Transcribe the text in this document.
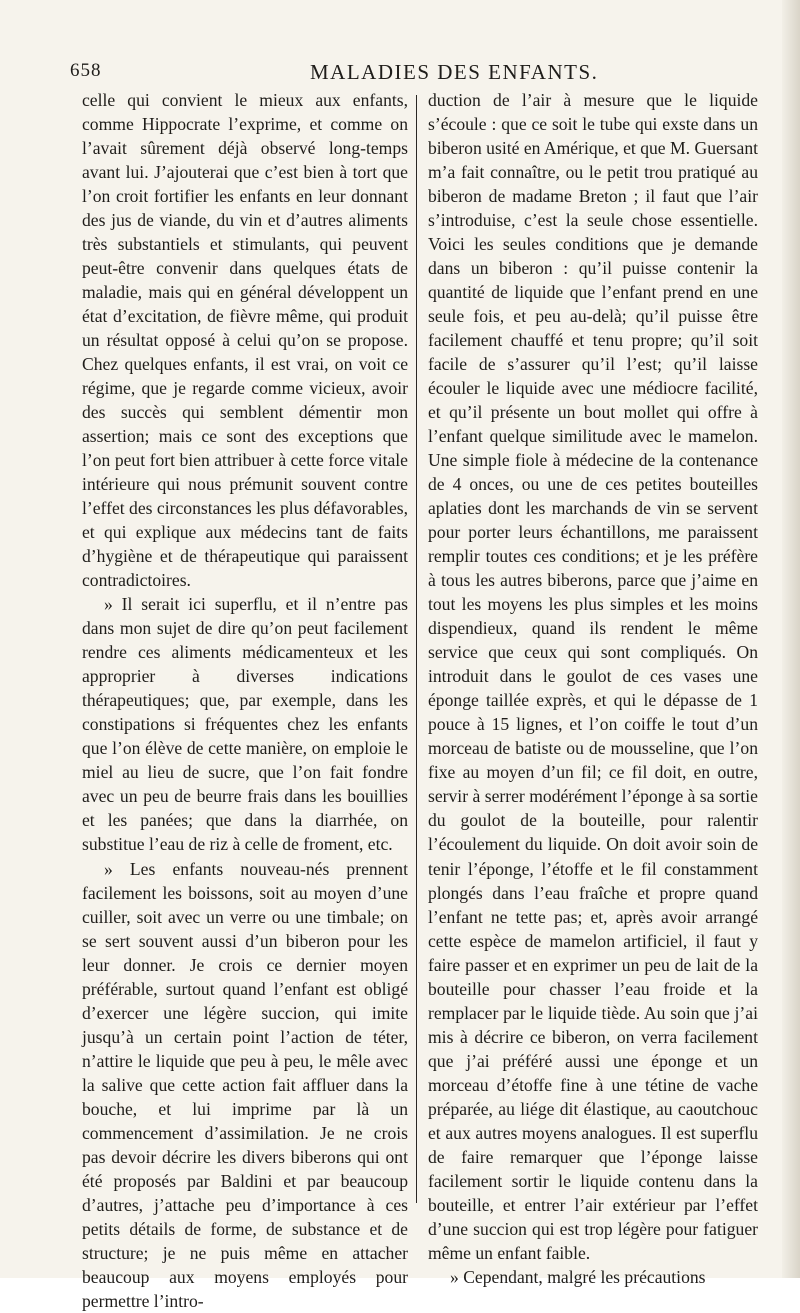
658	MALADIES DES ENFANTS.

celle qui convient le mieux aux enfants, comme Hippocrate l’exprime, et comme on l’avait sûrement déjà observé long-temps avant lui. J’ajouterai que c’est bien à tort que l’on croit fortifier les enfants en leur donnant des jus de viande, du vin et d’autres aliments très substantiels et stimulants, qui peuvent peut-être convenir dans quelques états de maladie, mais qui en général développent un état d’excitation, de fièvre même, qui produit un résultat opposé à celui qu’on se propose. Chez quelques enfants, il est vrai, on voit ce régime, que je regarde comme vicieux, avoir des succès qui semblent démentir mon assertion; mais ce sont des exceptions que l’on peut fort bien attribuer à cette force vitale intérieure qui nous prémunit souvent contre l’effet des circonstances les plus défavorables, et qui explique aux médecins tant de faits d’hygiène et de thérapeutique qui paraissent contradictoires.

» Il serait ici superflu, et il n’entre pas dans mon sujet de dire qu’on peut facilement rendre ces aliments médicamenteux et les approprier à diverses indications thérapeutiques; que, par exemple, dans les constipations si fréquentes chez les enfants que l’on élève de cette manière, on emploie le miel au lieu de sucre, que l’on fait fondre avec un peu de beurre frais dans les bouillies et les panées; que dans la diarrhée, on substitue l’eau de riz à celle de froment, etc.

» Les enfants nouveau-nés prennent facilement les boissons, soit au moyen d’une cuiller, soit avec un verre ou une timbale; on se sert souvent aussi d’un biberon pour les leur donner. Je crois ce dernier moyen préférable, surtout quand l’enfant est obligé d’exercer une légère succion, qui imite jusqu’à un certain point l’action de téter, n’attire le liquide que peu à peu, le mêle avec la salive que cette action fait affluer dans la bouche, et lui imprime par là un commencement d’assimilation. Je ne crois pas devoir décrire les divers biberons qui ont été proposés par Baldini et par beaucoup d’autres, j’attache peu d’importance à ces petits détails de forme, de substance et de structure; je ne puis même en attacher beaucoup aux moyens employés pour permettre l’intro-

duction de l’air à mesure que le liquide s’écoule : que ce soit le tube qui exste dans un biberon usité en Amérique, et que M. Guersant m’a fait connaître, ou le petit trou pratiqué au biberon de madame Breton ; il faut que l’air s’introduise, c’est la seule chose essentielle. Voici les seules conditions que je demande dans un biberon : qu’il puisse contenir la quantité de liquide que l’enfant prend en une seule fois, et peu au-delà; qu’il puisse être facilement chauffé et tenu propre; qu’il soit facile de s’assurer qu’il l’est; qu’il laisse écouler le liquide avec une médiocre facilité, et qu’il présente un bout mollet qui offre à l’enfant quelque similitude avec le mamelon. Une simple fiole à médecine de la contenance de 4 onces, ou une de ces petites bouteilles aplaties dont les marchands de vin se servent pour porter leurs échantillons, me paraissent remplir toutes ces conditions; et je les préfère à tous les autres biberons, parce que j’aime en tout les moyens les plus simples et les moins dispendieux, quand ils rendent le même service que ceux qui sont compliqués. On introduit dans le goulot de ces vases une éponge taillée exprès, et qui le dépasse de 1 pouce à 15 lignes, et l’on coiffe le tout d’un morceau de batiste ou de mousseline, que l’on fixe au moyen d’un fil; ce fil doit, en outre, servir à serrer modérément l’éponge à sa sortie du goulot de la bouteille, pour ralentir l’écoulement du liquide. On doit avoir soin de tenir l’éponge, l’étoffe et le fil constamment plongés dans l’eau fraîche et propre quand l’enfant ne tette pas; et, après avoir arrangé cette espèce de mamelon artificiel, il faut y faire passer et en exprimer un peu de lait de la bouteille pour chasser l’eau froide et la remplacer par le liquide tiède. Au soin que j’ai mis à décrire ce biberon, on verra facilement que j’ai préféré aussi une éponge et un morceau d’étoffe fine à une tétine de vache préparée, au liége dit élastique, au caoutchouc et aux autres moyens analogues. Il est superflu de faire remarquer que l’éponge laisse facilement sortir le liquide contenu dans la bouteille, et entrer l’air extérieur par l’effet d’une succion qui est trop légère pour fatiguer même un enfant faible.

» Cependant, malgré les précautions
